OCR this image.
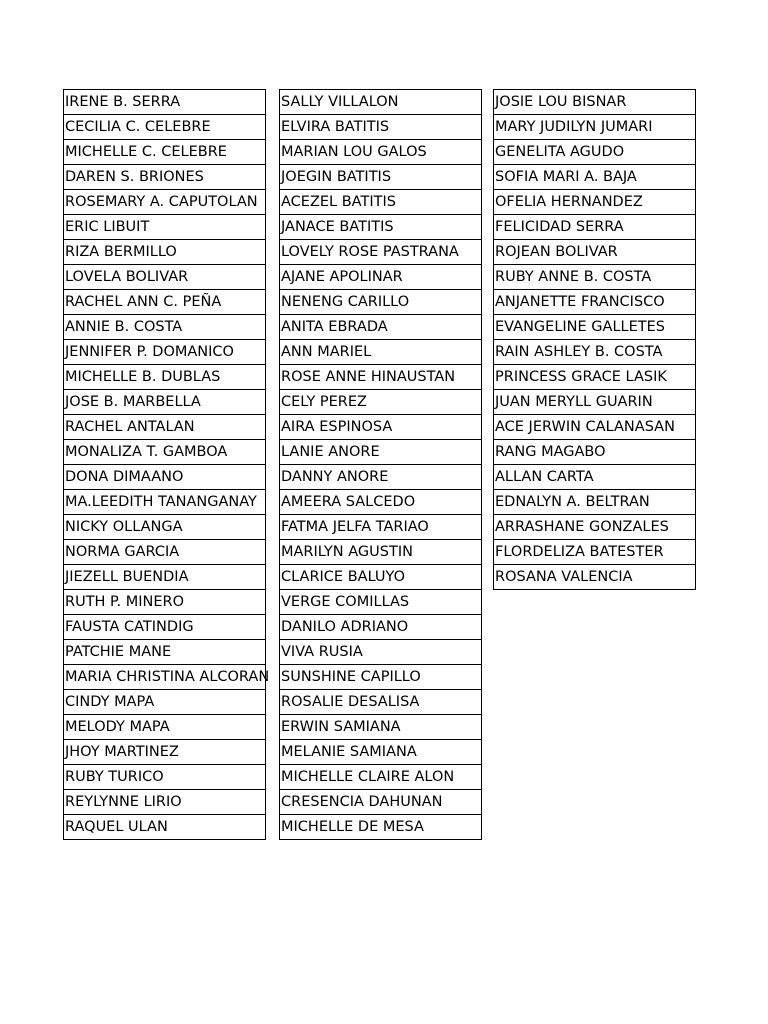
IRENE B. SERRA
CECILIA C. CELEBRE
MICHELLE C. CELEBRE
DAREN S. BRIONES
ROSEMARY A. CAPUTOLAN
ERIC LIBUIT
RIZA BERMILLO
LOVELA BOLIVAR
RACHEL ANN C. PEÑA
ANNIE B. COSTA
JENNIFER P. DOMANICO
MICHELLE B. DUBLAS
JOSE B. MARBELLA
RACHEL ANTALAN
MONALIZA T. GAMBOA
DONA DIMAANO
MA.LEEDITH TANANGANAY
NICKY OLLANGA
NORMA GARCIA
JIEZELL BUENDIA
RUTH P. MINERO
FAUSTA CATINDIG
PATCHIE MANE
MARIA CHRISTINA ALCORAN
CINDY MAPA
MELODY MAPA
JHOY MARTINEZ
RUBY TURICO
REYLYNNE LIRIO
RAQUEL ULAN
SALLY VILLALON
ELVIRA BATITIS
MARIAN LOU GALOS
JOEGIN BATITIS
ACEZEL BATITIS
JANACE BATITIS
LOVELY ROSE PASTRANA
AJANE APOLINAR
NENENG CARILLO
ANITA EBRADA
ANN MARIEL
ROSE ANNE HINAUSTAN
CELY PEREZ
AIRA ESPINOSA
LANIE ANORE
DANNY ANORE
AMEERA SALCEDO
FATMA JELFA TARIAO
MARILYN AGUSTIN
CLARICE BALUYO
VERGE COMILLAS
DANILO ADRIANO
VIVA RUSIA
SUNSHINE CAPILLO
ROSALIE DESALISA
ERWIN SAMIANA
MELANIE SAMIANA
MICHELLE CLAIRE ALON
CRESENCIA DAHUNAN
MICHELLE DE MESA
JOSIE LOU BISNAR
MARY JUDILYN JUMARI
GENELITA AGUDO
SOFIA MARI A. BAJA
OFELIA HERNANDEZ
FELICIDAD SERRA
ROJEAN BOLIVAR
RUBY ANNE B. COSTA
ANJANETTE FRANCISCO
EVANGELINE GALLETES
RAIN ASHLEY B. COSTA
PRINCESS GRACE LASIK
JUAN MERYLL GUARIN
ACE JERWIN CALANASAN
RANG MAGABO
ALLAN CARTA
EDNALYN A. BELTRAN
ARRASHANE GONZALES
FLORDELIZA BATESTER
ROSANA VALENCIA
